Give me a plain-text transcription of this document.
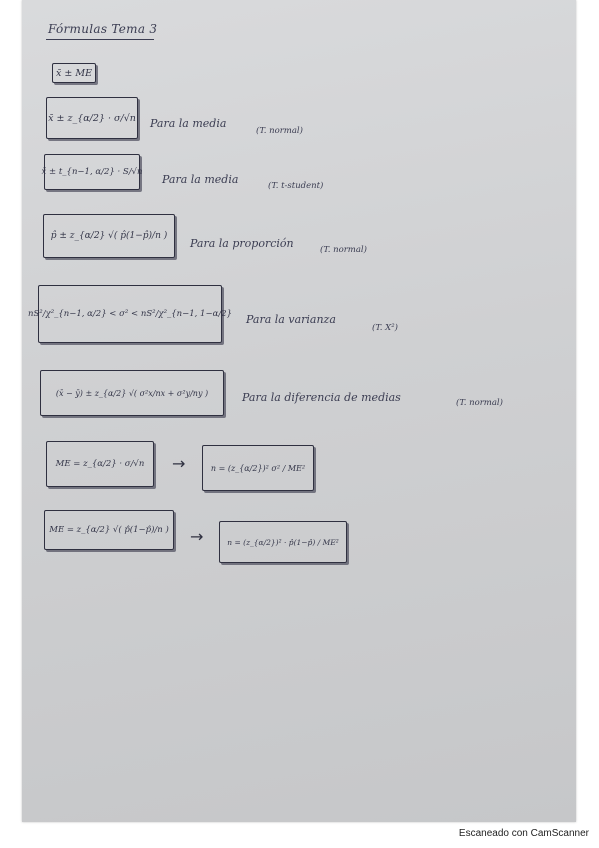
Fórmulas Tema 3
x̄ ± ME
x̄ ± z_{α/2} · σ/√n Para la media
(T. normal)
x̄ ± t_{n−1, α/2} · S/√n
Para la media	(T. t-student)
p̂ ± z_{α/2} √( p̂(1−p̂)/n )
Para la proporción	(T. normal)
nS²/χ²_{n−1, α/2} < σ² < nS²/χ²_{n−1, 1−α/2} Para la varianza
(T. X²)
(x̄ − ȳ) ± z_{α/2} √( σ²x/nx + σ²y/ny )	Para la diferencia de medias	(T. normal)
ME = z_{α/2} · σ/√n	→	n = (z_{α/2})² σ² / ME²
ME = z_{α/2} √( p̂(1−p̂)/n )	→	n = (z_{α/2})² · p̂(1−p̂) / ME²
Escaneado con CamScanner
